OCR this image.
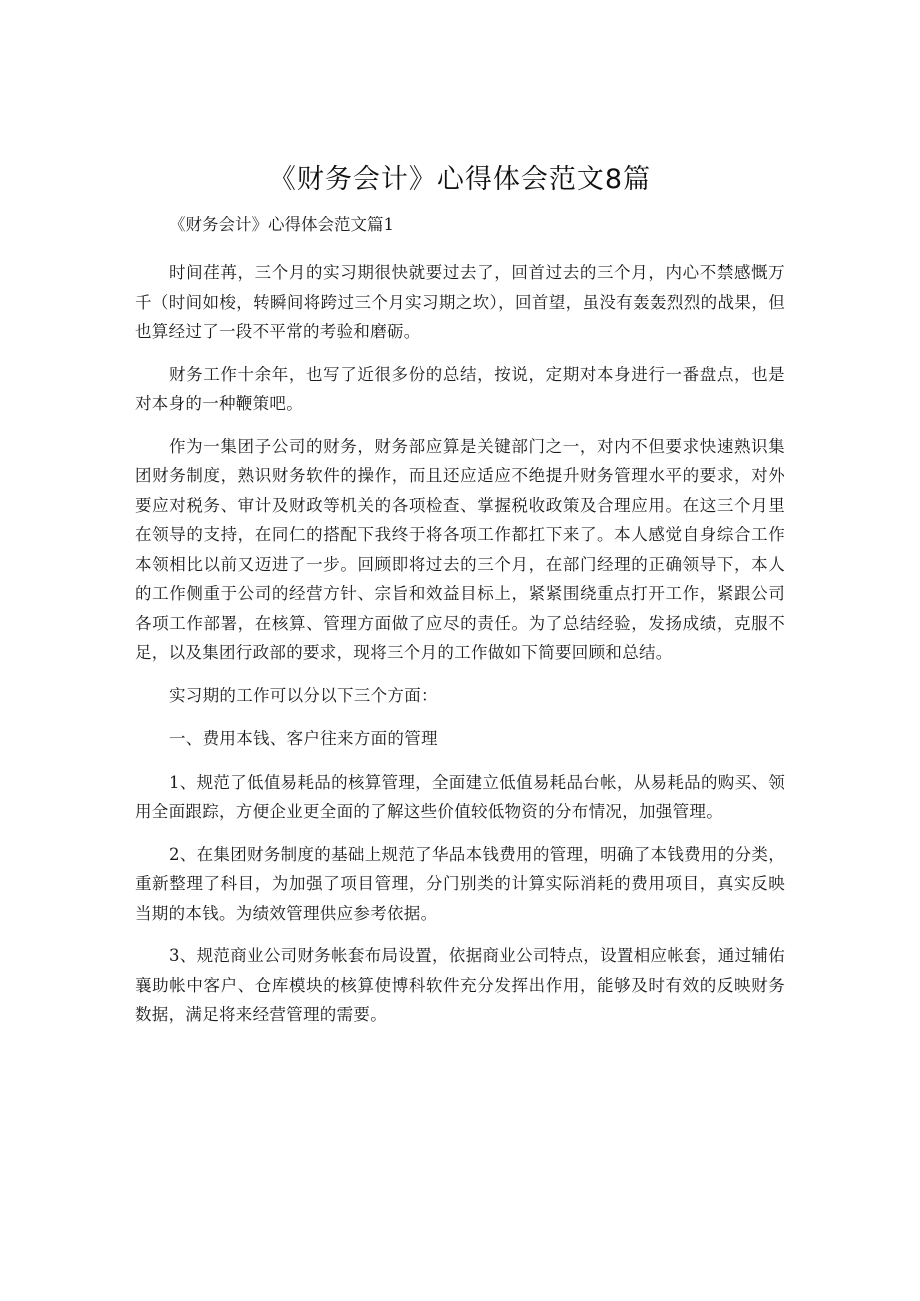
《财务会计》心得体会范文8篇

《财务会计》心得体会范文篇1

时间荏苒，三个月的实习期很快就要过去了，回首过去的三个月，内心不禁感慨万千（时间如梭，转瞬间将跨过三个月实习期之坎），回首望，虽没有轰轰烈烈的战果，但也算经过了一段不平常的考验和磨砺。

财务工作十余年，也写了近很多份的总结，按说，定期对本身进行一番盘点，也是对本身的一种鞭策吧。

作为一集团子公司的财务，财务部应算是关键部门之一，对内不但要求快速熟识集团财务制度，熟识财务软件的操作，而且还应适应不绝提升财务管理水平的要求，对外要应对税务、审计及财政等机关的各项检查、掌握税收政策及合理应用。在这三个月里在领导的支持，在同仁的搭配下我终于将各项工作都扛下来了。本人感觉自身综合工作本领相比以前又迈进了一步。回顾即将过去的三个月，在部门经理的正确领导下，本人的工作侧重于公司的经营方针、宗旨和效益目标上，紧紧围绕重点打开工作，紧跟公司各项工作部署，在核算、管理方面做了应尽的责任。为了总结经验，发扬成绩，克服不足，以及集团行政部的要求，现将三个月的工作做如下简要回顾和总结。

实习期的工作可以分以下三个方面：

一、费用本钱、客户往来方面的管理

1、规范了低值易耗品的核算管理，全面建立低值易耗品台帐，从易耗品的购买、领用全面跟踪，方便企业更全面的了解这些价值较低物资的分布情况，加强管理。

2、在集团财务制度的基础上规范了华品本钱费用的管理，明确了本钱费用的分类，重新整理了科目，为加强了项目管理，分门别类的计算实际消耗的费用项目，真实反映当期的本钱。为绩效管理供应参考依据。

3、规范商业公司财务帐套布局设置，依据商业公司特点，设置相应帐套，通过辅佑襄助帐中客户、仓库模块的核算使博科软件充分发挥出作用，能够及时有效的反映财务数据，满足将来经营管理的需要。
